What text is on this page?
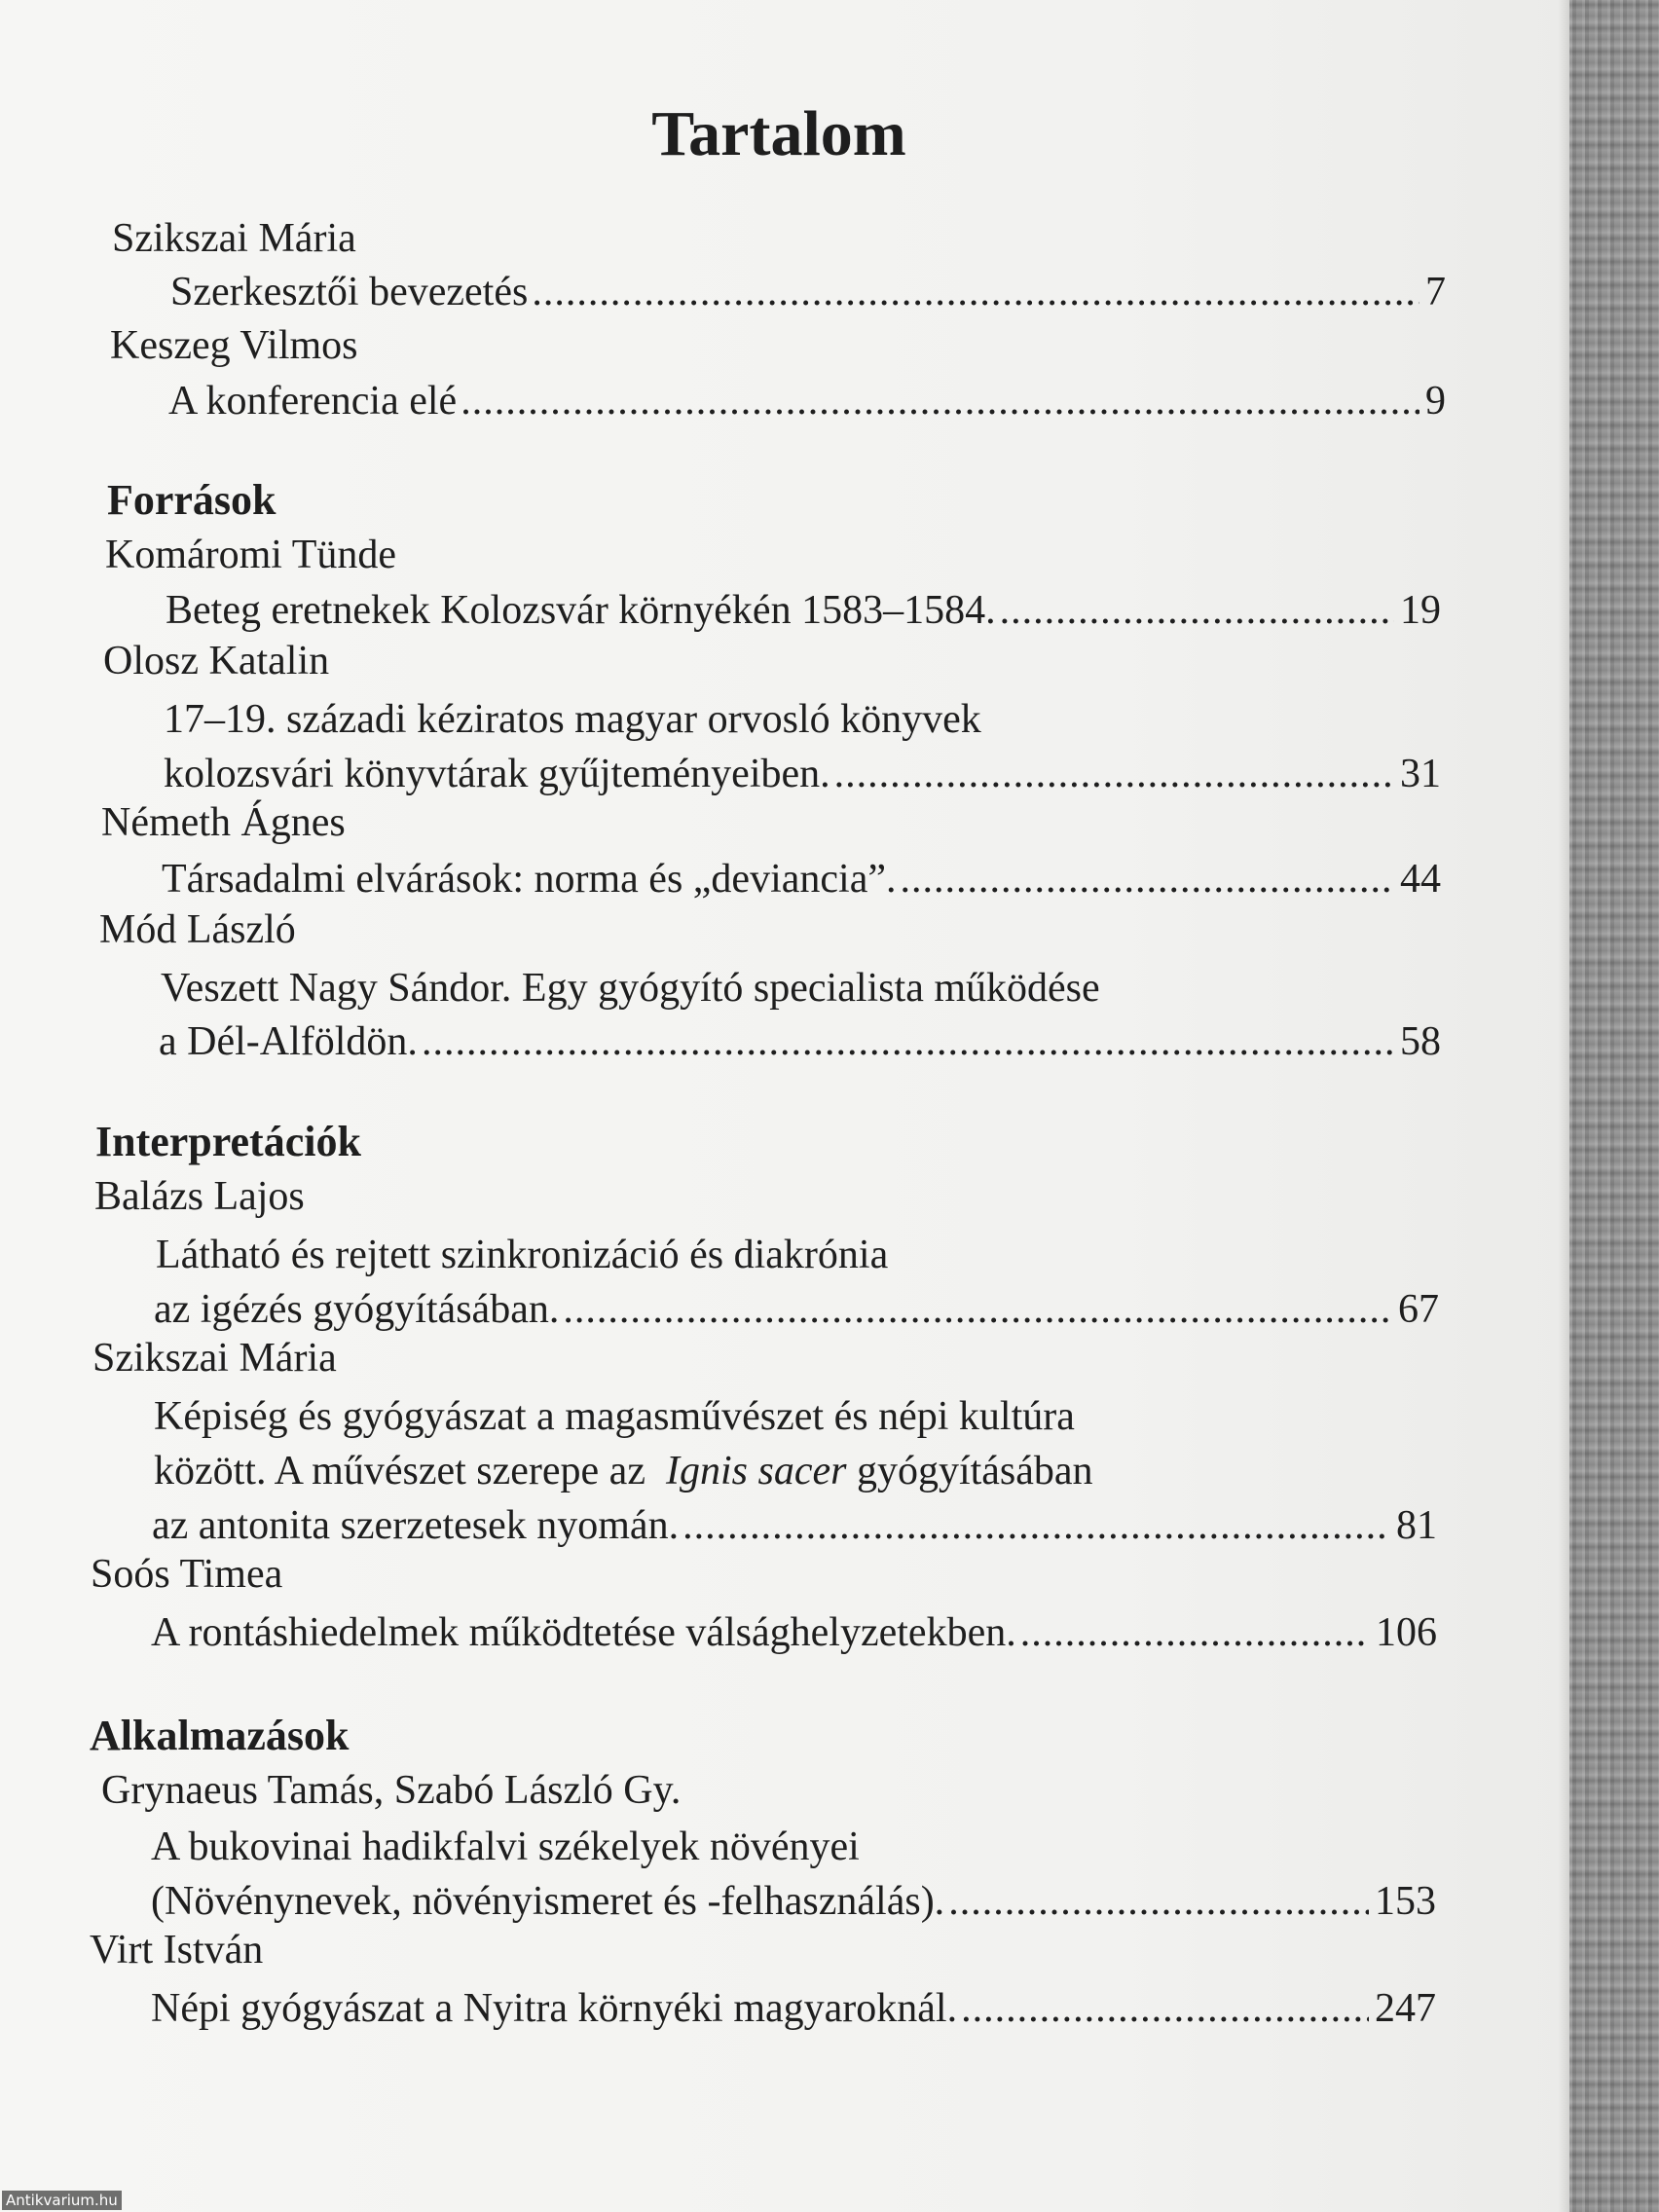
Tartalom
Szikszai Mária
Szerkesztői bevezetés .....	7
Keszeg Vilmos
A konferencia elé .....	9
Források
Komáromi Tünde
Beteg eretnekek Kolozsvár környékén 1583–1584. .....	19
Olosz Katalin
17–19. századi kéziratos magyar orvosló könyvek
kolozsvári könyvtárak gyűjteményeiben. .....	31
Németh Ágnes
Társadalmi elvárások: norma és „deviancia”. .....	44
Mód László
Veszett Nagy Sándor. Egy gyógyító specialista működése
a Dél-Alföldön. .....	58
Interpretációk
Balázs Lajos
Látható és rejtett szinkronizáció és diakrónia
az igézés gyógyításában. .....	67
Szikszai Mária
Képiség és gyógyászat a magasművészet és népi kultúra
között. A művészet szerepe az Ignis sacer gyógyításában
az antonita szerzetesek nyomán. .....	81
Soós Timea
A rontáshiedelmek működtetése válsághelyzetekben. .....	106
Alkalmazások
Grynaeus Tamás, Szabó László Gy.
A bukovinai hadikfalvi székelyek növényei
(Növénynevek, növényismeret és -felhasználás). .....	153
Virt István
Népi gyógyászat a Nyitra környéki magyaroknál. .....	247
Antikvarium.hu
